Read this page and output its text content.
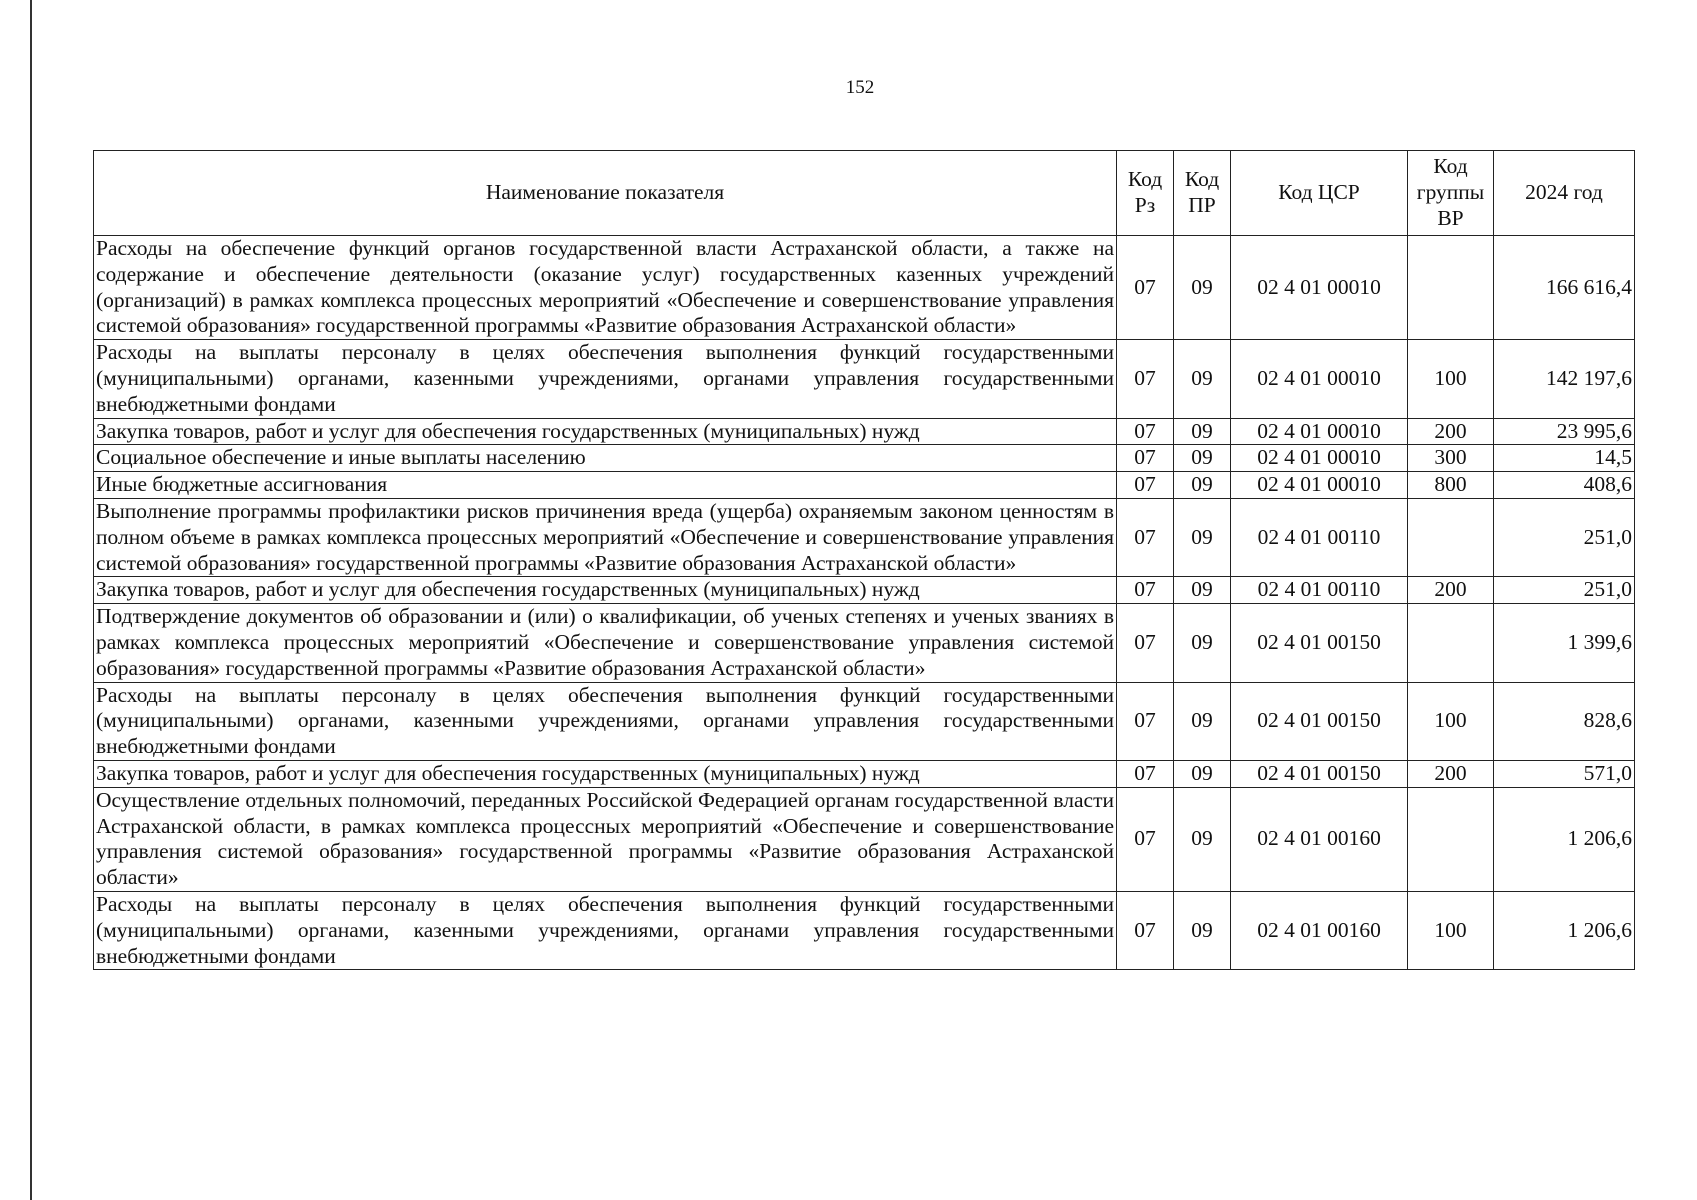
152
Наименование показателя	Код Рз	Код ПР	Код ЦСР	Код группы ВР	2024 год
Расходы на обеспечение функций органов государственной власти Астраханской области, а также на содержание и обеспечение деятельности (оказание услуг) государственных казенных учреждений (организаций) в рамках комплекса процессных мероприятий «Обеспечение и совершенствование управления системой образования» государственной программы «Развитие образования Астраханской области»	07	09	02 4 01 00010		166 616,4
Расходы на выплаты персоналу в целях обеспечения выполнения функций государственными (муниципальными) органами, казенными учреждениями, органами управления государственными внебюджетными фондами	07	09	02 4 01 00010	100	142 197,6
Закупка товаров, работ и услуг для обеспечения государственных (муниципальных) нужд	07	09	02 4 01 00010	200	23 995,6
Социальное обеспечение и иные выплаты населению	07	09	02 4 01 00010	300	14,5
Иные бюджетные ассигнования	07	09	02 4 01 00010	800	408,6
Выполнение программы профилактики рисков причинения вреда (ущерба) охраняемым законом ценностям в полном объеме в рамках комплекса процессных мероприятий «Обеспечение и совершенствование управления системой образования» государственной программы «Развитие образования Астраханской области»	07	09	02 4 01 00110		251,0
Закупка товаров, работ и услуг для обеспечения государственных (муниципальных) нужд	07	09	02 4 01 00110	200	251,0
Подтверждение документов об образовании и (или) о квалификации, об ученых степенях и ученых званиях в рамках комплекса процессных мероприятий «Обеспечение и совершенствование управления системой образования» государственной программы «Развитие образования Астраханской области»	07	09	02 4 01 00150		1 399,6
Расходы на выплаты персоналу в целях обеспечения выполнения функций государственными (муниципальными) органами, казенными учреждениями, органами управления государственными внебюджетными фондами	07	09	02 4 01 00150	100	828,6
Закупка товаров, работ и услуг для обеспечения государственных (муниципальных) нужд	07	09	02 4 01 00150	200	571,0
Осуществление отдельных полномочий, переданных Российской Федерацией органам государственной власти Астраханской области, в рамках комплекса процессных мероприятий «Обеспечение и совершенствование управления системой образования» государственной программы «Развитие образования Астраханской области»	07	09	02 4 01 00160		1 206,6
Расходы на выплаты персоналу в целях обеспечения выполнения функций государственными (муниципальными) органами, казенными учреждениями, органами управления государственными внебюджетными фондами	07	09	02 4 01 00160	100	1 206,6
